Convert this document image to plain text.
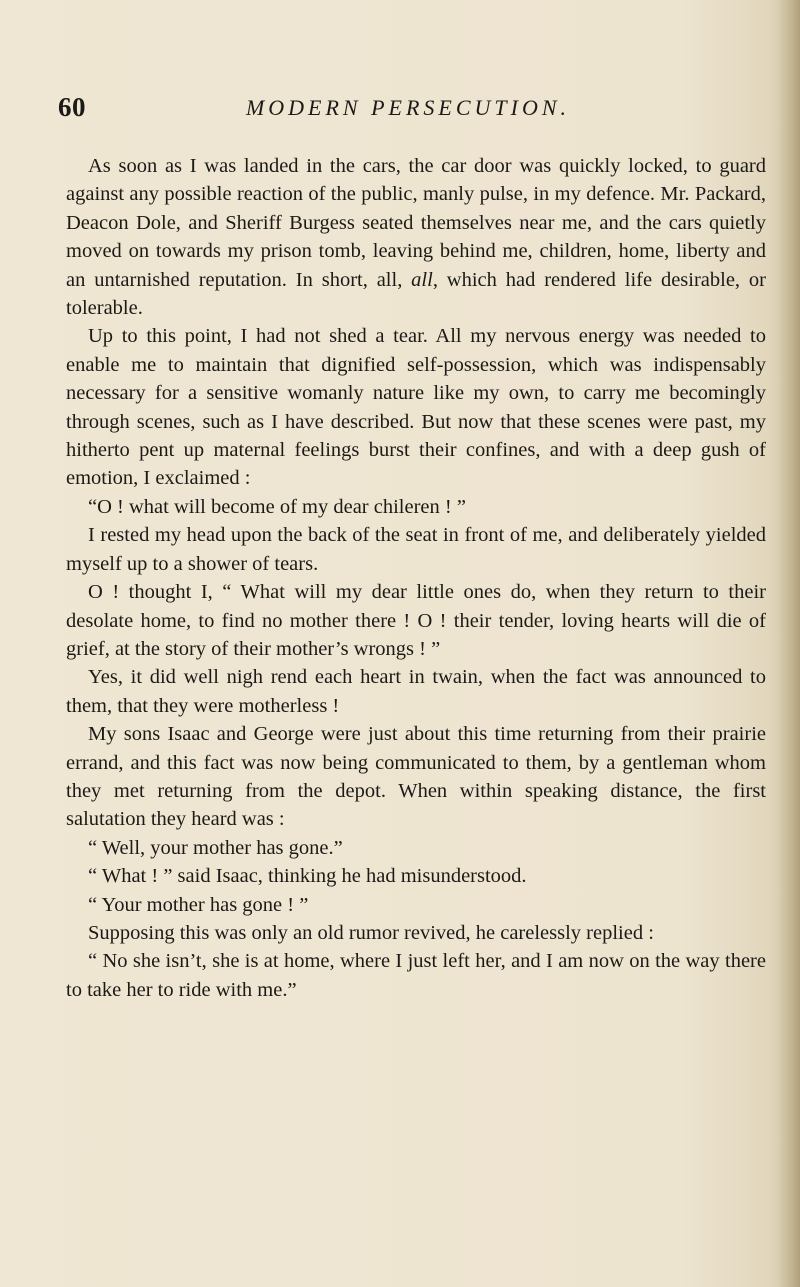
60	MODERN PERSECUTION.

As soon as I was landed in the cars, the car door was quickly locked, to guard against any possible reaction of the public, manly pulse, in my defence. Mr. Packard, Deacon Dole, and Sheriff Burgess seated themselves near me, and the cars quietly moved on towards my prison tomb, leaving behind me, children, home, liberty and an untarnished reputation. In short, all, all, which had rendered life desirable, or tolerable.

Up to this point, I had not shed a tear. All my nervous energy was needed to enable me to maintain that dignified self-possession, which was indispensably necessary for a sensitive womanly nature like my own, to carry me becomingly through scenes, such as I have described. But now that these scenes were past, my hitherto pent up maternal feelings burst their confines, and with a deep gush of emotion, I exclaimed :

“O ! what will become of my dear chileren ! ”

I rested my head upon the back of the seat in front of me, and deliberately yielded myself up to a shower of tears.

O ! thought I, “ What will my dear little ones do, when they return to their desolate home, to find no mother there ! O ! their tender, loving hearts will die of grief, at the story of their mother’s wrongs ! ”

Yes, it did well nigh rend each heart in twain, when the fact was announced to them, that they were motherless !

My sons Isaac and George were just about this time returning from their prairie errand, and this fact was now being communicated to them, by a gentleman whom they met returning from the depot. When within speaking distance, the first salutation they heard was :

“ Well, your mother has gone.”

“ What ! ” said Isaac, thinking he had misunderstood.

“ Your mother has gone ! ”

Supposing this was only an old rumor revived, he carelessly replied :

“ No she isn’t, she is at home, where I just left her, and I am now on the way there to take her to ride with me.”
